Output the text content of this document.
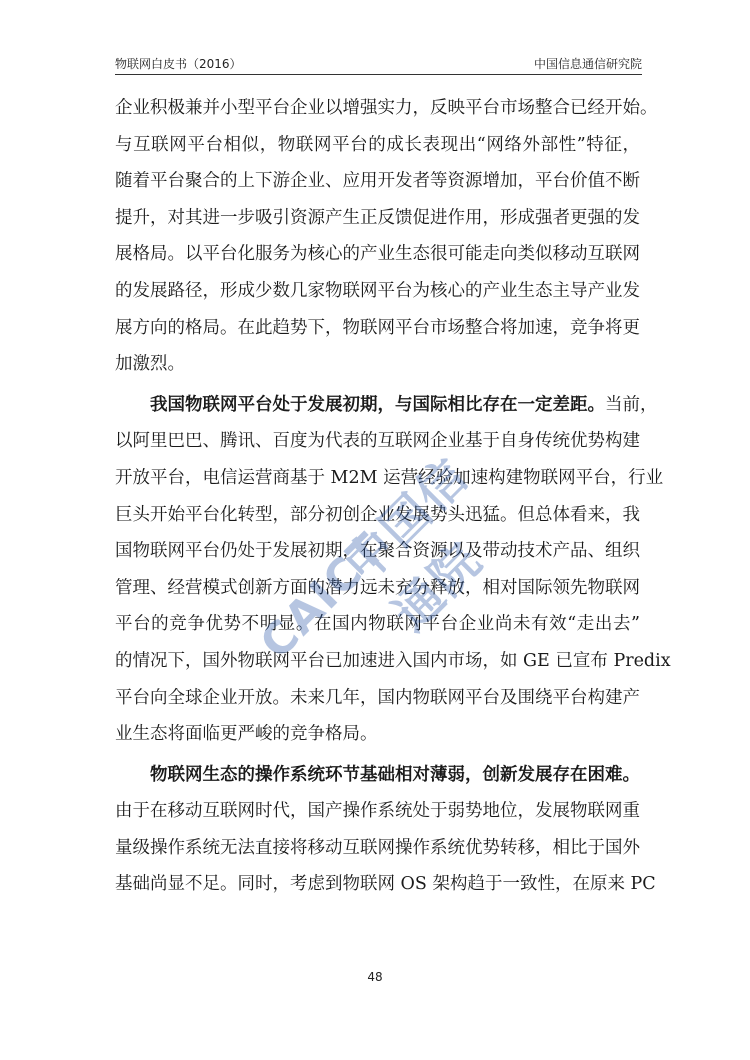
物联网白皮书（2016）	中国信息通信研究院
企业积极兼并小型平台企业以增强实力，反映平台市场整合已经开始。
与互联网平台相似，物联网平台的成长表现出“网络外部性”特征，
随着平台聚合的上下游企业、应用开发者等资源增加，平台价值不断
提升，对其进一步吸引资源产生正反馈促进作用，形成强者更强的发
展格局。以平台化服务为核心的产业生态很可能走向类似移动互联网
的发展路径，形成少数几家物联网平台为核心的产业生态主导产业发
展方向的格局。在此趋势下，物联网平台市场整合将加速，竞争将更
加激烈。
我国物联网平台处于发展初期，与国际相比存在一定差距。当前，
以阿里巴巴、腾讯、百度为代表的互联网企业基于自身传统优势构建
开放平台，电信运营商基于 M2M 运营经验加速构建物联网平台，行业
巨头开始平台化转型，部分初创企业发展势头迅猛。但总体看来，我
国物联网平台仍处于发展初期，在聚合资源以及带动技术产品、组织
管理、经营模式创新方面的潜力远未充分释放，相对国际领先物联网
平台的竞争优势不明显。在国内物联网平台企业尚未有效“走出去”
的情况下，国外物联网平台已加速进入国内市场，如 GE 已宣布 Predix
平台向全球企业开放。未来几年，国内物联网平台及围绕平台构建产
业生态将面临更严峻的竞争格局。
物联网生态的操作系统环节基础相对薄弱，创新发展存在困难。
由于在移动互联网时代，国产操作系统处于弱势地位，发展物联网重
量级操作系统无法直接将移动互联网操作系统优势转移，相比于国外
基础尚显不足。同时，考虑到物联网 OS 架构趋于一致性，在原来 PC
48
CAICT
中国信通院
